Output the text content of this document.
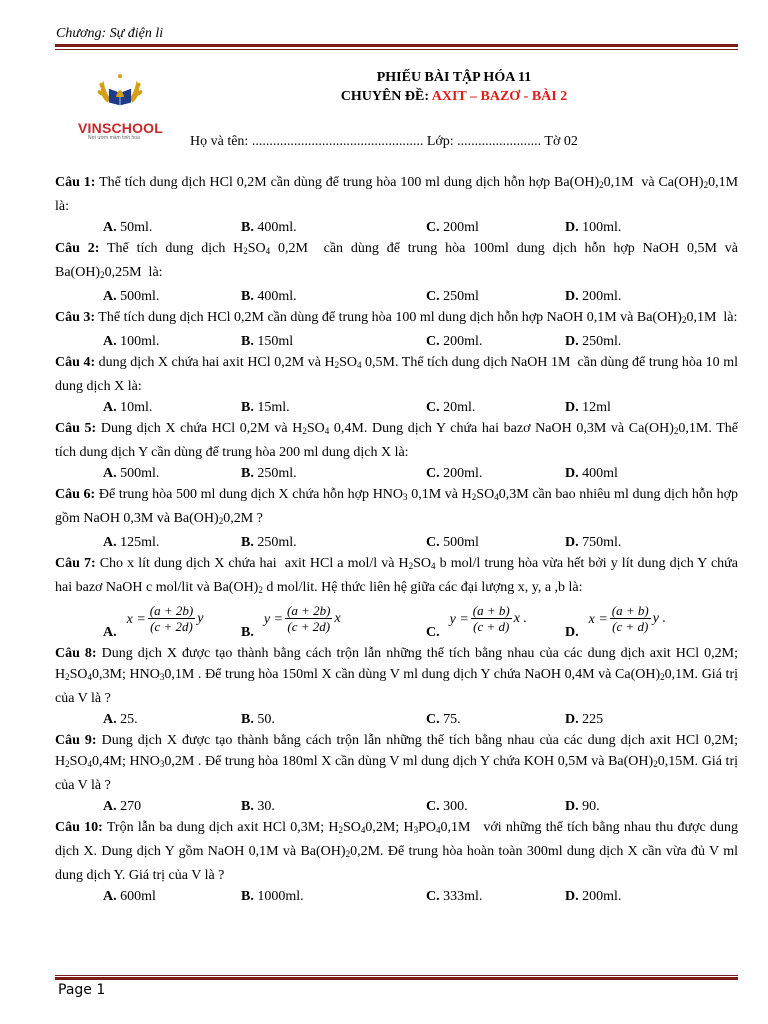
Chương: Sự điện li
VINSCHOOL
Nơi ươm mầm tinh hoa
PHIẾU BÀI TẬP HÓA 11
CHUYÊN ĐỀ: AXIT – BAZƠ - BÀI 2
Họ và tên: ................................................. Lớp: ........................ Tờ 02

Câu 1: Thể tích dung dịch HCl 0,2M cần dùng để trung hòa 100 ml dung dịch hỗn hợp $Ba(OH)_20,1M$  và $Ca(OH)_20,1M$ là:

A. 50ml.	B. 400ml.	C. 200ml	D. 100ml.

Câu 2: Thể tích dung dịch $H_2SO_4$ 0,2M  cần dùng để trung hòa 100ml dung dịch hỗn hợp NaOH 0,5M và $Ba(OH)_20,25M$  là:

A. 500ml.	B. 400ml.	C. 250ml	D. 200ml.

Câu 3: Thể tích dung dịch HCl 0,2M cần dùng để trung hòa 100 ml dung dịch hỗn hợp NaOH 0,1M và $Ba(OH)_20,1M$  là:

A. 100ml.	B. 150ml	C. 200ml.	D. 250ml.

Câu 4: dung dịch X chứa hai axit HCl 0,2M và $H_2SO_4$ 0,5M. Thể tích dung dịch NaOH 1M  cần dùng để trung hòa 10 ml dung dịch X là:

A. 10ml.	B. 15ml.	C. 20ml.	D. 12ml

Câu 5: Dung dịch X chứa HCl 0,2M và $H_2SO_4$ 0,4M. Dung dịch Y chứa hai bazơ NaOH 0,3M và $Ca(OH)_20,1M$. Thể tích dung dịch Y cần dùng để trung hòa 200 ml dung dịch X là:

A. 500ml.	B. 250ml.	C. 200ml.	D. 400ml

Câu 6: Để trung hòa 500 ml dung dịch X chứa hỗn hợp $HNO_3$ 0,1M và $H_2SO_40,3M$ cần bao nhiêu ml dung dịch hỗn hợp gồm NaOH 0,3M và $Ba(OH)_20,2M$ ?

A. 125ml.	B. 250ml.	C. 500ml	D. 750ml.

Câu 7: Cho x lít dung dịch X chứa hai  axit HCl a mol/l và $H_2SO_4$ b mol/l trung hòa vừa hết bởi y lít dung dịch Y chứa hai bazơ NaOH c mol/lit và $Ba(OH)_2$ d mol/lit. Hệ thức liên hệ giữa các đại lượng x, y, a ,b là:

A.
$x = \frac{(a + 2b)}{(c + 2d)}$ y
B.
$y = \frac{(a + 2b)}{(c + 2d)}$ x
C.
$y = \frac{(a + b)}{(c + d)}$ x .
D.
$x = \frac{(a + b)}{(c + d)}$ y .

Câu 8: Dung dịch X được tạo thành bằng cách trộn lẫn những thể tích bằng nhau của các dung dịch axit HCl 0,2M; $H_2SO_40,3M$; $HNO_30,1M$ . Để trung hòa 150ml X cần dùng V ml dung dịch Y chứa NaOH 0,4M và $Ca(OH)_20,1M$. Giá trị của V là ?

A. 25.	B. 50.	C. 75.	D. 225

Câu 9: Dung dịch X được tạo thành bằng cách trộn lẫn những thể tích bằng nhau của các dung dịch axit HCl 0,2M; $H_2SO_40,4M$; $HNO_30,2M$ . Để trung hòa 180ml X cần dùng V ml dung dịch Y chứa KOH 0,5M và $Ba(OH)_20,15M$. Giá trị của V là ?

A. 270	B. 30.	C. 300.	D. 90.

Câu 10: Trộn lẫn ba dung dịch axit HCl 0,3M; $H_2SO_40,2M$; $H_3PO_40,1M$   với những thể tích bằng nhau thu được dung dịch X. Dung dịch Y gồm NaOH 0,1M và $Ba(OH)_20,2M$. Để trung hòa hoàn toàn 300ml dung dịch X cần vừa đủ V ml dung dịch Y. Giá trị của V là ?

A. 600ml	B. 1000ml.	C. 333ml.	D. 200ml.
Page 1
